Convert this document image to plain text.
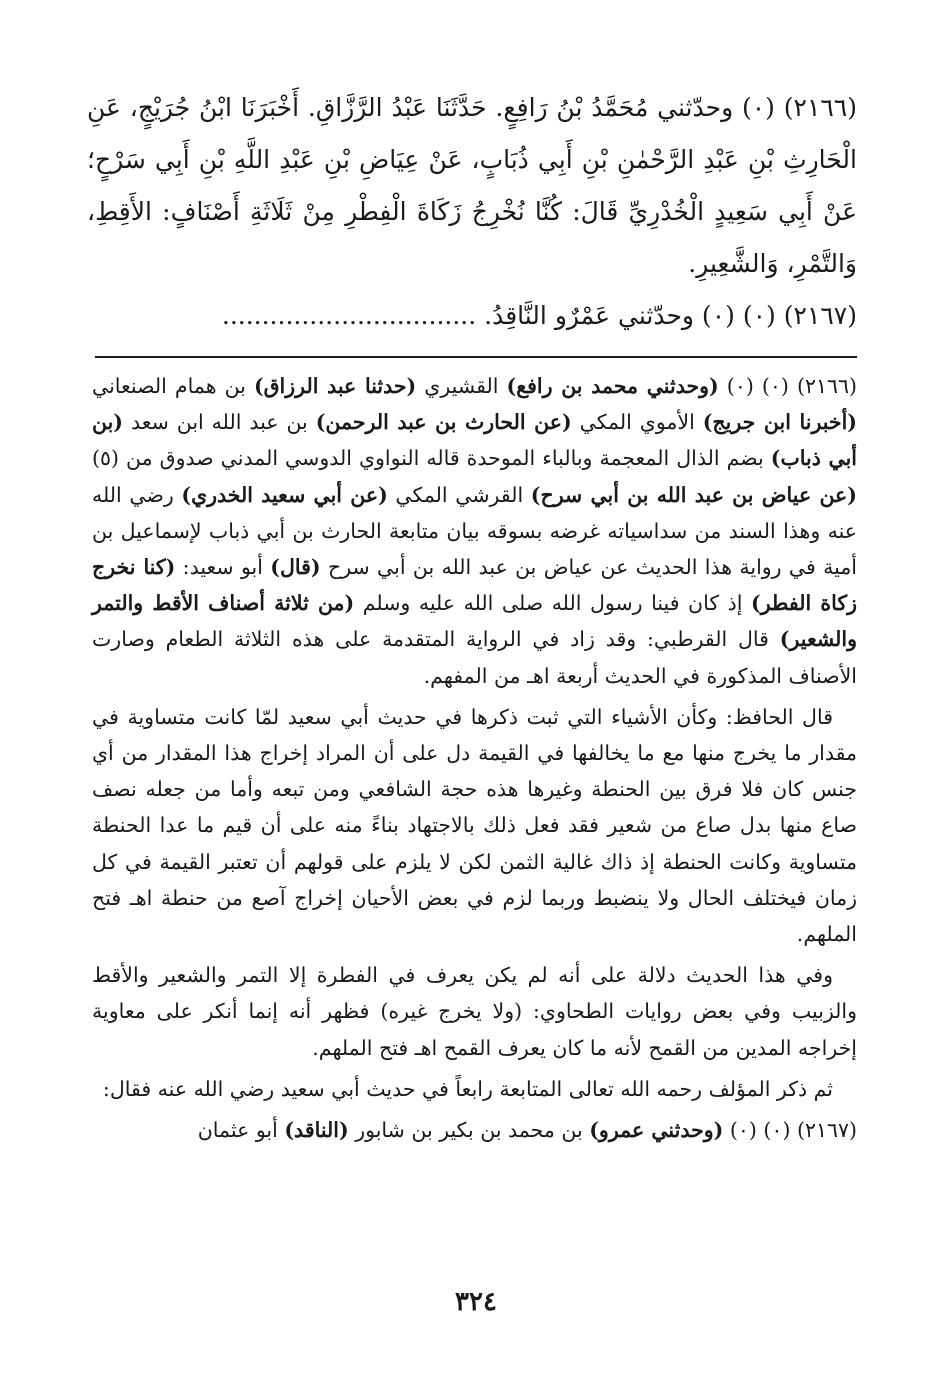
(٢١٦٦) (٠) وحدّثني مُحَمَّدُ بْنُ رَافِعٍ. حَدَّثَنَا عَبْدُ الرَّزَّاقِ. أَخْبَرَنَا ابْنُ جُرَيْجٍ، عَنِ الْحَارِثِ بْنِ عَبْدِ الرَّحْمٰنِ بْنِ أَبِي ذُبَابٍ، عَنْ عِيَاضِ بْنِ عَبْدِ اللَّهِ بْنِ أَبِي سَرْحٍ؛ عَنْ أَبِي سَعِيدٍ الْخُدْرِيِّ قَالَ: كُنَّا نُخْرِجُ زَكَاةَ الْفِطْرِ مِنْ ثَلَاثَةِ أَصْنَافٍ: الأَقِطِ، وَالتَّمْرِ، وَالشَّعِيرِ.

(٢١٦٧) (٠) (٠) وحدّثني عَمْرٌو النَّاقِدُ. ................................

(٢١٦٦) (٠) (٠) (وحدثني محمد بن رافع) القشيري (حدثنا عبد الرزاق) بن همام الصنعاني (أخبرنا ابن جريج) الأموي المكي (عن الحارث بن عبد الرحمن) بن عبد الله ابن سعد (بن أبي ذباب) بضم الذال المعجمة وبالباء الموحدة قاله النواوي الدوسي المدني صدوق من (٥) (عن عياض بن عبد الله بن أبي سرح) القرشي المكي (عن أبي سعيد الخدري) رضي الله عنه وهذا السند من سداسياته غرضه بسوقه بيان متابعة الحارث بن أبي ذباب لإسماعيل بن أمية في رواية هذا الحديث عن عياض بن عبد الله بن أبي سرح (قال) أبو سعيد: (كنا نخرج زكاة الفطر) إذ كان فينا رسول الله صلى الله عليه وسلم (من ثلاثة أصناف الأقط والتمر والشعير) قال القرطبي: وقد زاد في الرواية المتقدمة على هذه الثلاثة الطعام وصارت الأصناف المذكورة في الحديث أربعة اهـ من المفهم.

قال الحافظ: وكأن الأشياء التي ثبت ذكرها في حديث أبي سعيد لمّا كانت متساوية في مقدار ما يخرج منها مع ما يخالفها في القيمة دل على أن المراد إخراج هذا المقدار من أي جنس كان فلا فرق بين الحنطة وغيرها هذه حجة الشافعي ومن تبعه وأما من جعله نصف صاع منها بدل صاع من شعير فقد فعل ذلك بالاجتهاد بناءً منه على أن قيم ما عدا الحنطة متساوية وكانت الحنطة إذ ذاك غالية الثمن لكن لا يلزم على قولهم أن تعتبر القيمة في كل زمان فيختلف الحال ولا ينضبط وربما لزم في بعض الأحيان إخراج آصع من حنطة اهـ فتح الملهم.

وفي هذا الحديث دلالة على أنه لم يكن يعرف في الفطرة إلا التمر والشعير والأقط والزبيب وفي بعض روايات الطحاوي: (ولا يخرج غيره) فظهر أنه إنما أنكر على معاوية إخراجه المدين من القمح لأنه ما كان يعرف القمح اهـ فتح الملهم.

ثم ذكر المؤلف رحمه الله تعالى المتابعة رابعاً في حديث أبي سعيد رضي الله عنه فقال:

(٢١٦٧) (٠) (٠) (وحدثني عمرو) بن محمد بن بكير بن شابور (الناقد) أبو عثمان

٣٢٤
